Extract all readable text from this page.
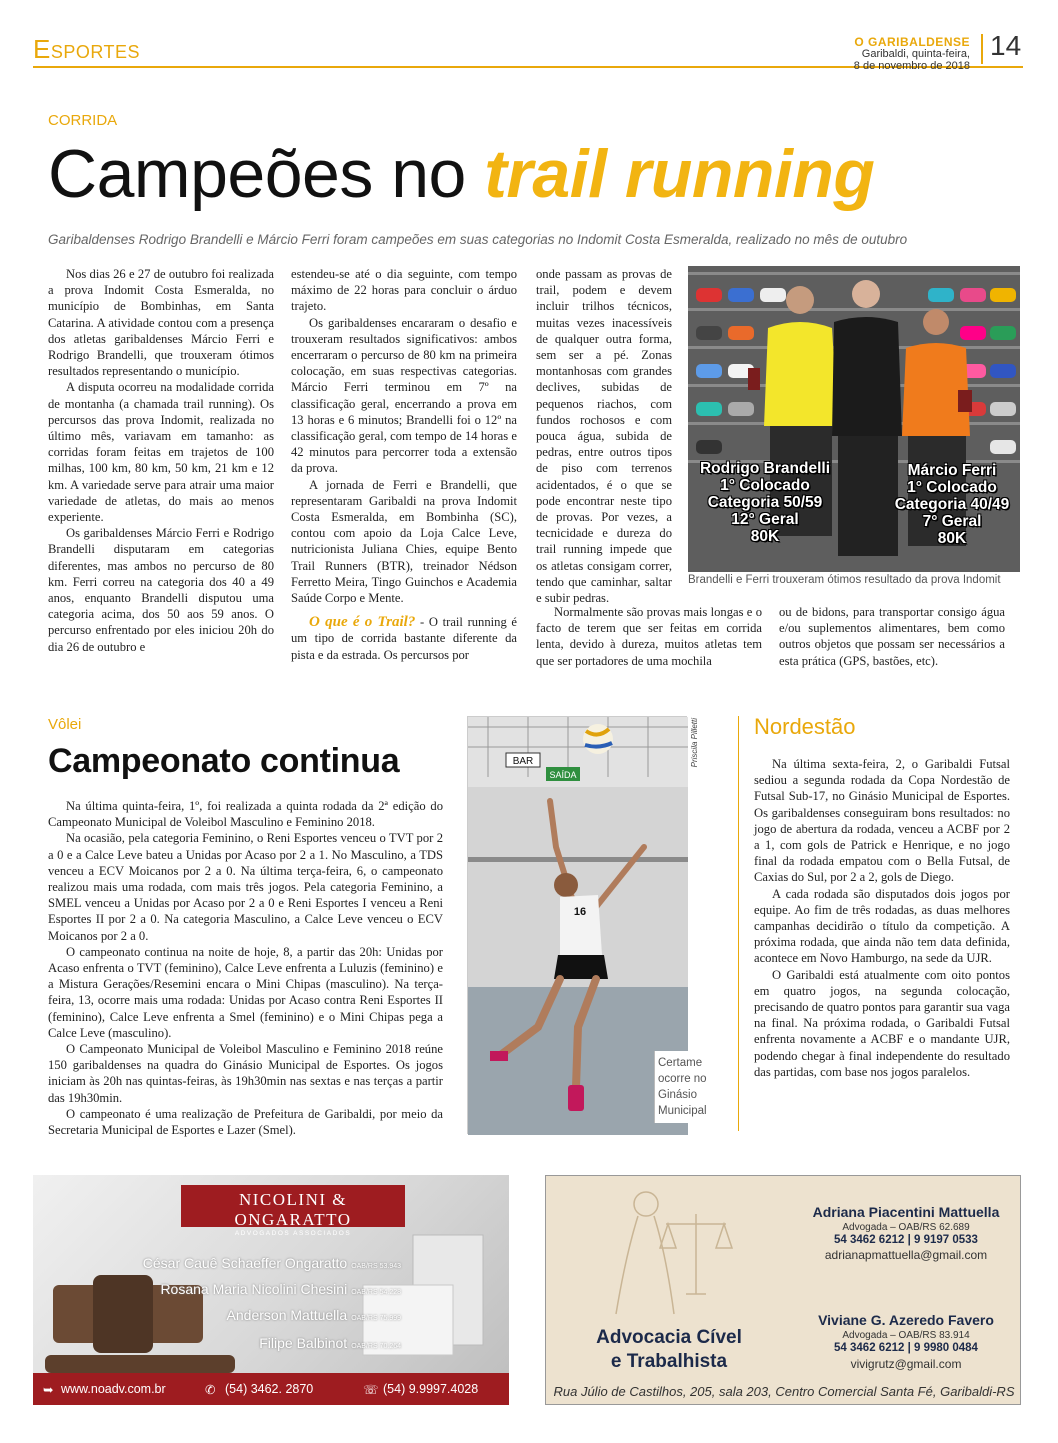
Esportes	O GARIBALDENSE
Garibaldi, quinta-feira,
8 de novembro de 2018
14
CORRIDA
Campeões no trail running
Garibaldenses Rodrigo Brandelli e Márcio Ferri foram campeões em suas categorias no Indomit Costa Esmeralda, realizado no mês de outubro

Nos dias 26 e 27 de outubro foi realizada a prova Indomit Costa Esmeralda, no município de Bombinhas, em Santa Catarina. A atividade contou com a presença dos atletas garibaldenses Márcio Ferri e Rodrigo Brandelli, que trouxeram ótimos resultados representando o município.

A disputa ocorreu na modalidade corrida de montanha (a chamada trail running). Os percursos das prova Indomit, realizada no último mês, variavam em tamanho: as corridas foram feitas em trajetos de 100 milhas, 100 km, 80 km, 50 km, 21 km e 12 km. A variedade serve para atrair uma maior variedade de atletas, do mais ao menos experiente.

Os garibaldenses Márcio Ferri e Rodrigo Brandelli disputaram em categorias diferentes, mas ambos no percurso de 80 km. Ferri correu na categoria dos 40 a 49 anos, enquanto Brandelli disputou uma categoria acima, dos 50 aos 59 anos. O percurso enfrentado por eles iniciou 20h do dia 26 de outubro e

estendeu-se até o dia seguinte, com tempo máximo de 22 horas para concluir o árduo trajeto.

Os garibaldenses encararam o desafio e trouxeram resultados significativos: ambos encerraram o percurso de 80 km na primeira colocação, em suas respectivas categorias. Márcio Ferri terminou em 7º na classificação geral, encerrando a prova em 13 horas e 6 minutos; Brandelli foi o 12º na classificação geral, com tempo de 14 horas e 42 minutos para percorrer toda a extensão da prova.

A jornada de Ferri e Brandelli, que representaram Garibaldi na prova Indomit Costa Esmeralda, em Bombinha (SC), contou com apoio da Loja Calce Leve, nutricionista Juliana Chies, equipe Bento Trail Runners (BTR), treinador Nédson Ferretto Meira, Tingo Guinchos e Academia Saúde Corpo e Mente.

O que é o Trail? - O trail running é um tipo de corrida bastante diferente da pista e da estrada. Os percursos por

onde passam as provas de trail, podem e devem incluir trilhos técnicos, muitas vezes inacessíveis de qualquer outra forma, sem ser a pé. Zonas montanhosas com grandes declives, subidas de pequenos riachos, com fundos rochosos e com pouca água, subida de pedras, entre outros tipos de piso com terrenos acidentados, é o que se pode encontrar neste tipo de provas. Por vezes, a tecnicidade e dureza do trail running impede que os atletas consigam correr, tendo que caminhar, saltar e subir pedras.

Normalmente são provas mais longas e o facto de terem que ser feitas em corrida lenta, devido à dureza, muitos atletas tem que ser portadores de uma mochila

ou de bidons, para transportar consigo água e/ou suplementos alimentares, bem como outros objetos que possam ser necessários a esta prática (GPS, bastões, etc).

Rodrigo Brandelli
1° Colocado
Categoria 50/59
12° Geral
80K
Márcio Ferri
1° Colocado
Categoria 40/49
7° Geral
80K
Brandelli e Ferri trouxeram ótimos resultado da prova Indomit
Vôlei
Campeonato continua

Na última quinta-feira, 1º, foi realizada a quinta rodada da 2ª edição do Campeonato Municipal de Voleibol Masculino e Feminino 2018.

Na ocasião, pela categoria Feminino, o Reni Esportes venceu o TVT por 2 a 0 e a Calce Leve bateu a Unidas por Acaso por 2 a 1. No Masculino, a TDS venceu a ECV Moicanos por 2 a 0. Na última terça-feira, 6, o campeonato realizou mais uma rodada, com mais três jogos. Pela categoria Feminino, a SMEL venceu a Unidas por Acaso por 2 a 0 e Reni Esportes I venceu a Reni Esportes II por 2 a 0. Na categoria Masculino, a Calce Leve venceu o ECV Moicanos por 2 a 0.

O campeonato continua na noite de hoje, 8, a partir das 20h: Unidas por Acaso enfrenta o TVT (feminino), Calce Leve enfrenta a Luluzis (feminino) e a Mistura Gerações/Resemini encara o Mini Chipas (masculino). Na terça-feira, 13, ocorre mais uma rodada: Unidas por Acaso contra Reni Esportes II (feminino), Calce Leve enfrenta a Smel (feminino) e o Mini Chipas pega a Calce Leve (masculino).

O Campeonato Municipal de Voleibol Masculino e Feminino 2018 reúne 150 garibaldenses na quadra do Ginásio Municipal de Esportes. Os jogos iniciam às 20h nas quintas-feiras, às 19h30min nas sextas e nas terças a partir das 19h30min.

O campeonato é uma realização de Prefeitura de Garibaldi, por meio da Secretaria Municipal de Esportes e Lazer (Smel).

BAR
SAÍDA
16
Certame ocorre no Ginásio Municipal
Priscila Pilletti	Nordestão

Na última sexta-feira, 2, o Garibaldi Futsal sediou a segunda rodada da Copa Nordestão de Futsal Sub-17, no Ginásio Municipal de Esportes. Os garibaldenses conseguiram bons resultados: no jogo de abertura da rodada, venceu a ACBF por 2 a 1, com gols de Patrick e Henrique, e no jogo final da rodada empatou com o Bella Futsal, de Caxias do Sul, por 2 a 2, gols de Diego.

A cada rodada são disputados dois jogos por equipe. Ao fim de três rodadas, as duas melhores campanhas decidirão o título da competição. A próxima rodada, que ainda não tem data definida, acontece em Novo Hamburgo, na sede da UJR.

O Garibaldi está atualmente com oito pontos em quatro jogos, na segunda colocação, precisando de quatro pontos para garantir sua vaga na final. Na próxima rodada, o Garibaldi Futsal enfrenta novamente a ACBF e o mandante UJR, podendo chegar à final independente do resultado das partidas, com base nos jogos paralelos.

NICOLINI & ONGARATTO
ADVOGADOS ASSOCIADOS
César Cauê Schaeffer Ongaratto OAB/RS 53.943
Rosana Maria Nicolini Chesini OAB/RS 54.228
Anderson Mattuella OAB/RS 75.999
Filipe Balbinot OAB/RS 70.264
➥ www.noadv.com.br	✆ (54) 3462. 2870	☏ (54) 9.9997.4028
Adriana Piacentini Mattuella
Advogada – OAB/RS 62.689
54 3462 6212 | 9 9197 0533
adrianapmattuella@gmail.com
Viviane G. Azeredo Favero
Advogada – OAB/RS 83.914
54 3462 6212 | 9 9980 0484
vivigrutz@gmail.com
Advocacia Cível
e Trabalhista
Rua Júlio de Castilhos, 205, sala 203, Centro Comercial Santa Fé, Garibaldi-RS
